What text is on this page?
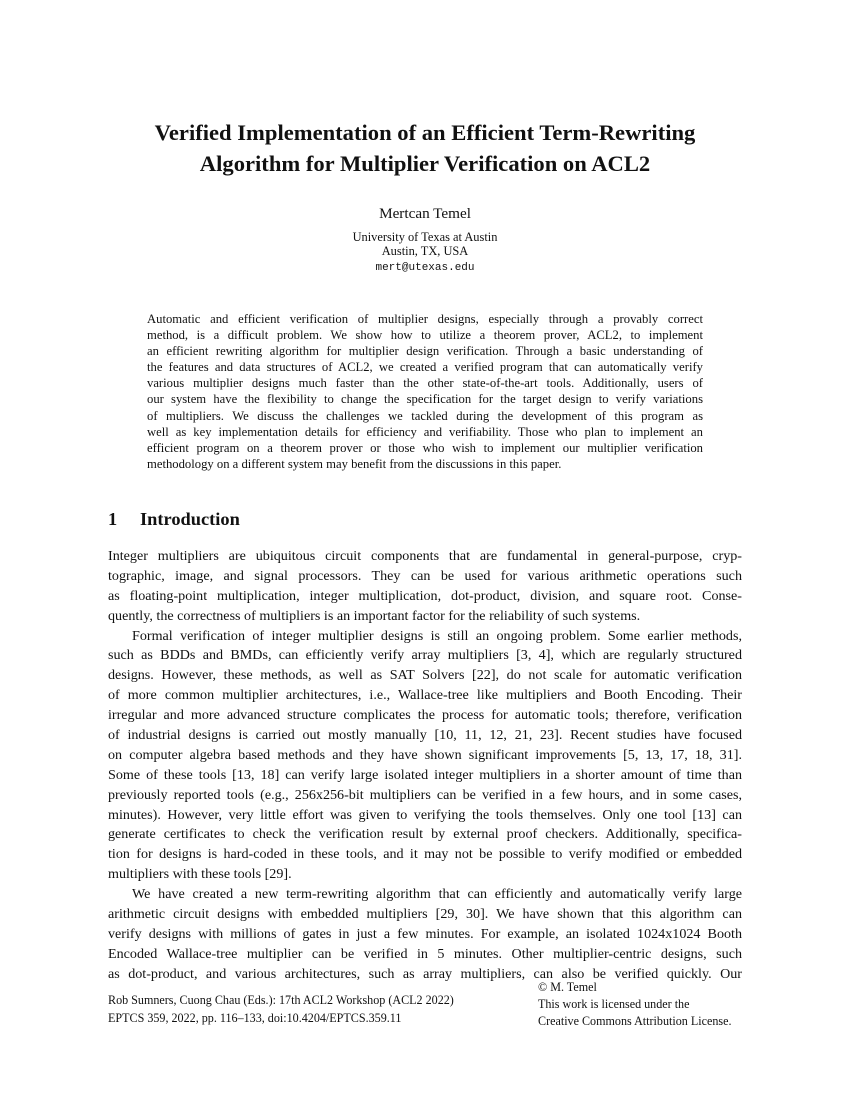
Verified Implementation of an Efficient Term-Rewriting
Algorithm for Multiplier Verification on ACL2
Mertcan Temel
University of Texas at Austin
Austin, TX, USA
mert@utexas.edu
Automatic and efficient verification of multiplier designs, especially through a provably correct
method, is a difficult problem. We show how to utilize a theorem prover, ACL2, to implement
an efficient rewriting algorithm for multiplier design verification. Through a basic understanding of
the features and data structures of ACL2, we created a verified program that can automatically verify
various multiplier designs much faster than the other state-of-the-art tools. Additionally, users of
our system have the flexibility to change the specification for the target design to verify variations
of multipliers. We discuss the challenges we tackled during the development of this program as
well as key implementation details for efficiency and verifiability. Those who plan to implement an
efficient program on a theorem prover or those who wish to implement our multiplier verification
methodology on a different system may benefit from the discussions in this paper.
1 Introduction
Integer multipliers are ubiquitous circuit components that are fundamental in general-purpose, cryp-
tographic, image, and signal processors. They can be used for various arithmetic operations such
as floating-point multiplication, integer multiplication, dot-product, division, and square root. Conse-
quently, the correctness of multipliers is an important factor for the reliability of such systems.
Formal verification of integer multiplier designs is still an ongoing problem. Some earlier methods,
such as BDDs and BMDs, can efficiently verify array multipliers [3, 4], which are regularly structured
designs. However, these methods, as well as SAT Solvers [22], do not scale for automatic verification
of more common multiplier architectures, i.e., Wallace-tree like multipliers and Booth Encoding. Their
irregular and more advanced structure complicates the process for automatic tools; therefore, verification
of industrial designs is carried out mostly manually [10, 11, 12, 21, 23]. Recent studies have focused
on computer algebra based methods and they have shown significant improvements [5, 13, 17, 18, 31].
Some of these tools [13, 18] can verify large isolated integer multipliers in a shorter amount of time than
previously reported tools (e.g., 256x256-bit multipliers can be verified in a few hours, and in some cases,
minutes). However, very little effort was given to verifying the tools themselves. Only one tool [13] can
generate certificates to check the verification result by external proof checkers. Additionally, specifica-
tion for designs is hard-coded in these tools, and it may not be possible to verify modified or embedded
multipliers with these tools [29].
We have created a new term-rewriting algorithm that can efficiently and automatically verify large
arithmetic circuit designs with embedded multipliers [29, 30]. We have shown that this algorithm can
verify designs with millions of gates in just a few minutes. For example, an isolated 1024x1024 Booth
Encoded Wallace-tree multiplier can be verified in 5 minutes. Other multiplier-centric designs, such
as dot-product, and various architectures, such as array multipliers, can also be verified quickly. Our
Rob Sumners, Cuong Chau (Eds.): 17th ACL2 Workshop (ACL2 2022)
EPTCS 359, 2022, pp. 116–133, doi:10.4204/EPTCS.359.11
© M. Temel
This work is licensed under the
Creative Commons Attribution License.
